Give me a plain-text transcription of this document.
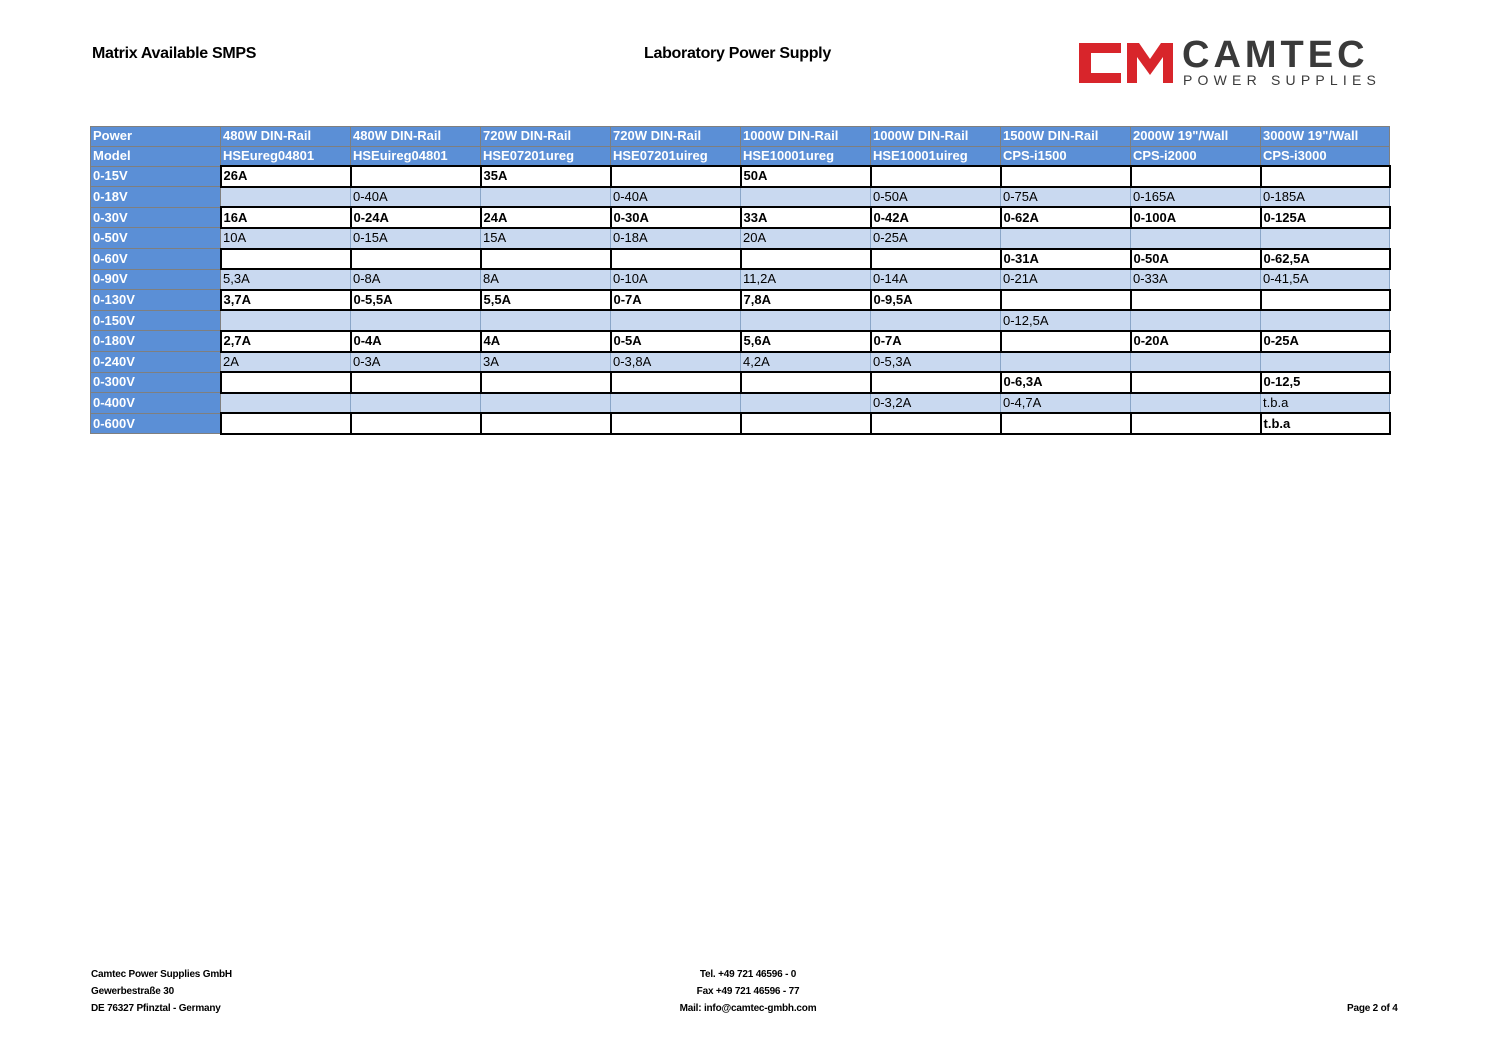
Matrix Available SMPS	Laboratory Power Supply	CAMTEC
POWER SUPPLIES
Power	480W DIN-Rail	480W DIN-Rail	720W DIN-Rail	720W DIN-Rail	1000W DIN-Rail	1000W DIN-Rail	1500W DIN-Rail	2000W 19"/Wall	3000W 19"/Wall
Model	HSEureg04801	HSEuireg04801	HSE07201ureg	HSE07201uireg	HSE10001ureg	HSE10001uireg	CPS-i1500	CPS-i2000	CPS-i3000
0-15V	26A		35A		50A				
0-18V		0-40A		0-40A		0-50A	0-75A	0-165A	0-185A
0-30V	16A	0-24A	24A	0-30A	33A	0-42A	0-62A	0-100A	0-125A
0-50V	10A	0-15A	15A	0-18A	20A	0-25A			
0-60V							0-31A	0-50A	0-62,5A
0-90V	5,3A	0-8A	8A	0-10A	11,2A	0-14A	0-21A	0-33A	0-41,5A
0-130V	3,7A	0-5,5A	5,5A	0-7A	7,8A	0-9,5A			
0-150V							0-12,5A		
0-180V	2,7A	0-4A	4A	0-5A	5,6A	0-7A		0-20A	0-25A
0-240V	2A	0-3A	3A	0-3,8A	4,2A	0-5,3A			
0-300V							0-6,3A		0-12,5
0-400V						0-3,2A	0-4,7A		t.b.a
0-600V									t.b.a
Camtec Power Supplies GmbH
Gewerbestraße 30
DE 76327 Pfinztal - Germany
Tel. +49 721 46596 - 0
Fax +49 721 46596 - 77
Mail: info@camtec-gmbh.com	Page 2 of 4
